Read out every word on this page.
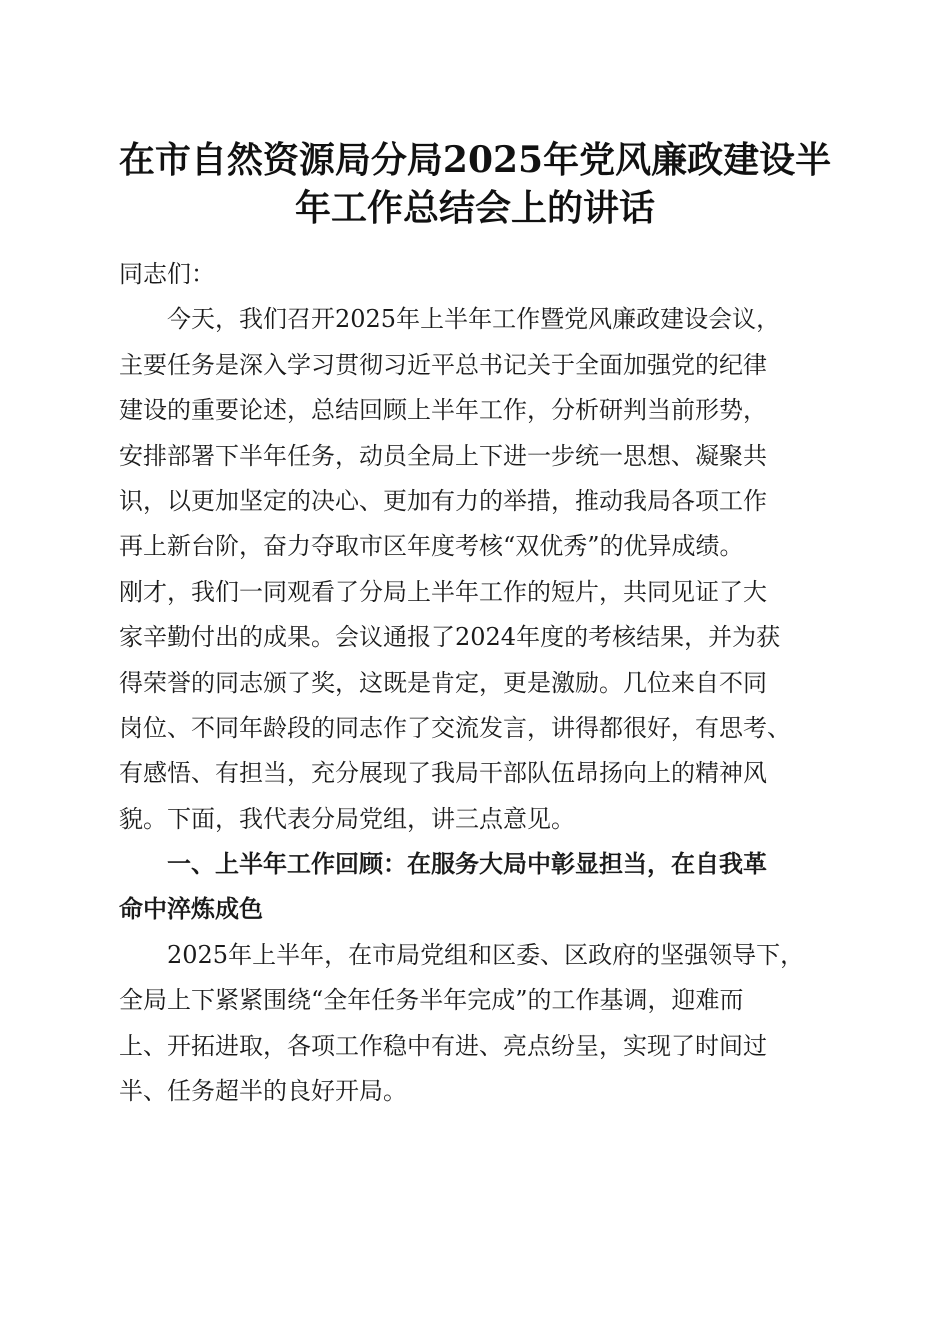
在市自然资源局分局2025年党风廉政建设半
年工作总结会上的讲话
同志们：
今天，我们召开2025年上半年工作暨党风廉政建设会议，
主要任务是深入学习贯彻习近平总书记关于全面加强党的纪律
建设的重要论述，总结回顾上半年工作，分析研判当前形势，
安排部署下半年任务，动员全局上下进一步统一思想、凝聚共
识，以更加坚定的决心、更加有力的举措，推动我局各项工作
再上新台阶，奋力夺取市区年度考核“双优秀”的优异成绩。
刚才，我们一同观看了分局上半年工作的短片，共同见证了大
家辛勤付出的成果。会议通报了2024年度的考核结果，并为获
得荣誉的同志颁了奖，这既是肯定，更是激励。几位来自不同
岗位、不同年龄段的同志作了交流发言，讲得都很好，有思考、
有感悟、有担当，充分展现了我局干部队伍昂扬向上的精神风
貌。下面，我代表分局党组，讲三点意见。
一、上半年工作回顾：在服务大局中彰显担当，在自我革
命中淬炼成色
2025年上半年，在市局党组和区委、区政府的坚强领导下，
全局上下紧紧围绕“全年任务半年完成”的工作基调，迎难而
上、开拓进取，各项工作稳中有进、亮点纷呈，实现了时间过
半、任务超半的良好开局。
